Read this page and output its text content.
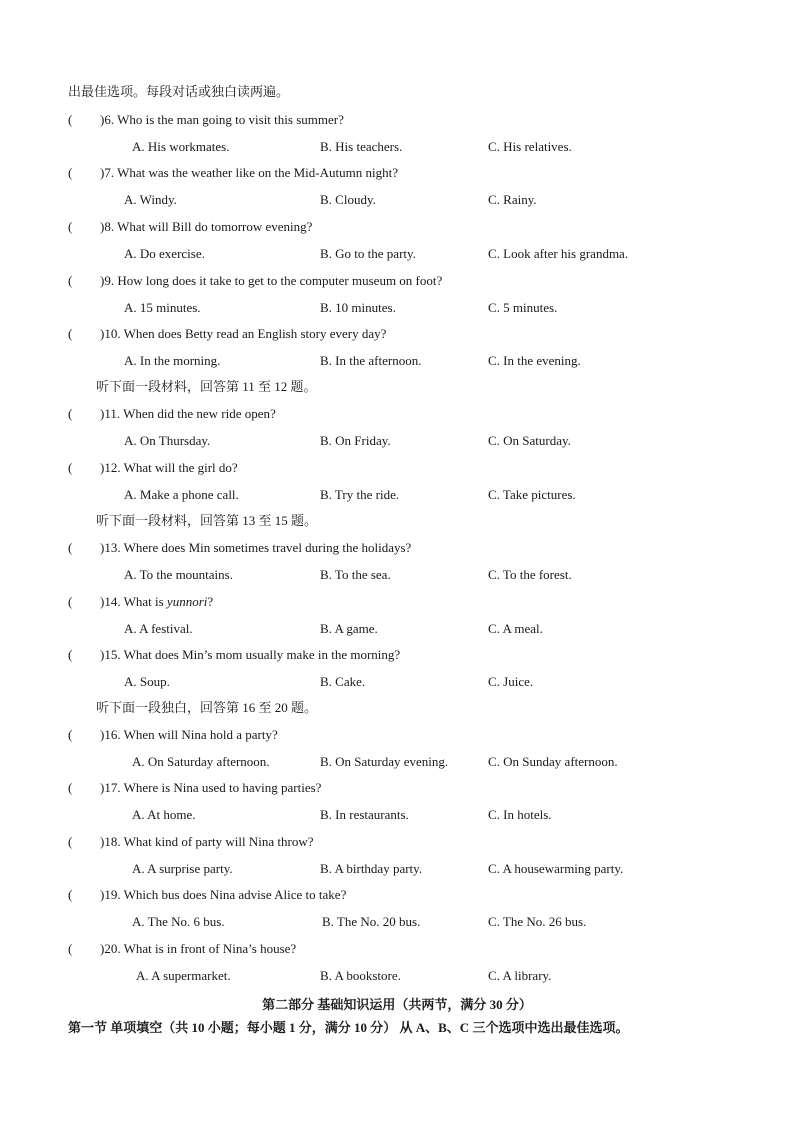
出最佳选项。每段对话或独白读两遍。
( )6. Who is the man going to visit this summer?
A. His workmates.	B. His teachers.	C. His relatives.
( )7. What was the weather like on the Mid-Autumn night?
A. Windy.	B. Cloudy.	C. Rainy.
( )8. What will Bill do tomorrow evening?
A. Do exercise.	B. Go to the party.	C. Look after his grandma.
( )9. How long does it take to get to the computer museum on foot?
A. 15 minutes.	B. 10 minutes.	C. 5 minutes.
( )10. When does Betty read an English story every day?
A. In the morning.	B. In the afternoon.	C. In the evening.
听下面一段材料，回答第 11 至 12 题。
( )11. When did the new ride open?
A. On Thursday.	B. On Friday.	C. On Saturday.
( )12. What will the girl do?
A. Make a phone call.	B. Try the ride.	C. Take pictures.
听下面一段材料，回答第 13 至 15 题。
( )13. Where does Min sometimes travel during the holidays?
A. To the mountains.	B. To the sea.	C. To the forest.
( )14. What is yunnori?
A. A festival.	B. A game.	C. A meal.
( )15. What does Min’s mom usually make in the morning?
A. Soup.	B. Cake.	C. Juice.
听下面一段独白，回答第 16 至 20 题。
( )16. When will Nina hold a party?
A. On Saturday afternoon.	B. On Saturday evening.	C. On Sunday afternoon.
( )17. Where is Nina used to having parties?
A. At home.	B. In restaurants.	C. In hotels.
( )18. What kind of party will Nina throw?
A. A surprise party.	B. A birthday party.	C. A housewarming party.
( )19. Which bus does Nina advise Alice to take?
A. The No. 6 bus.	B. The No. 20 bus.	C. The No. 26 bus.
( )20. What is in front of Nina’s house?
A. A supermarket.	B. A bookstore.	C. A library.
第二部分 基础知识运用（共两节，满分 30 分）
第一节 单项填空（共 10 小题；每小题 1 分，满分 10 分） 从 A、B、C 三个选项中选出最佳选项。
